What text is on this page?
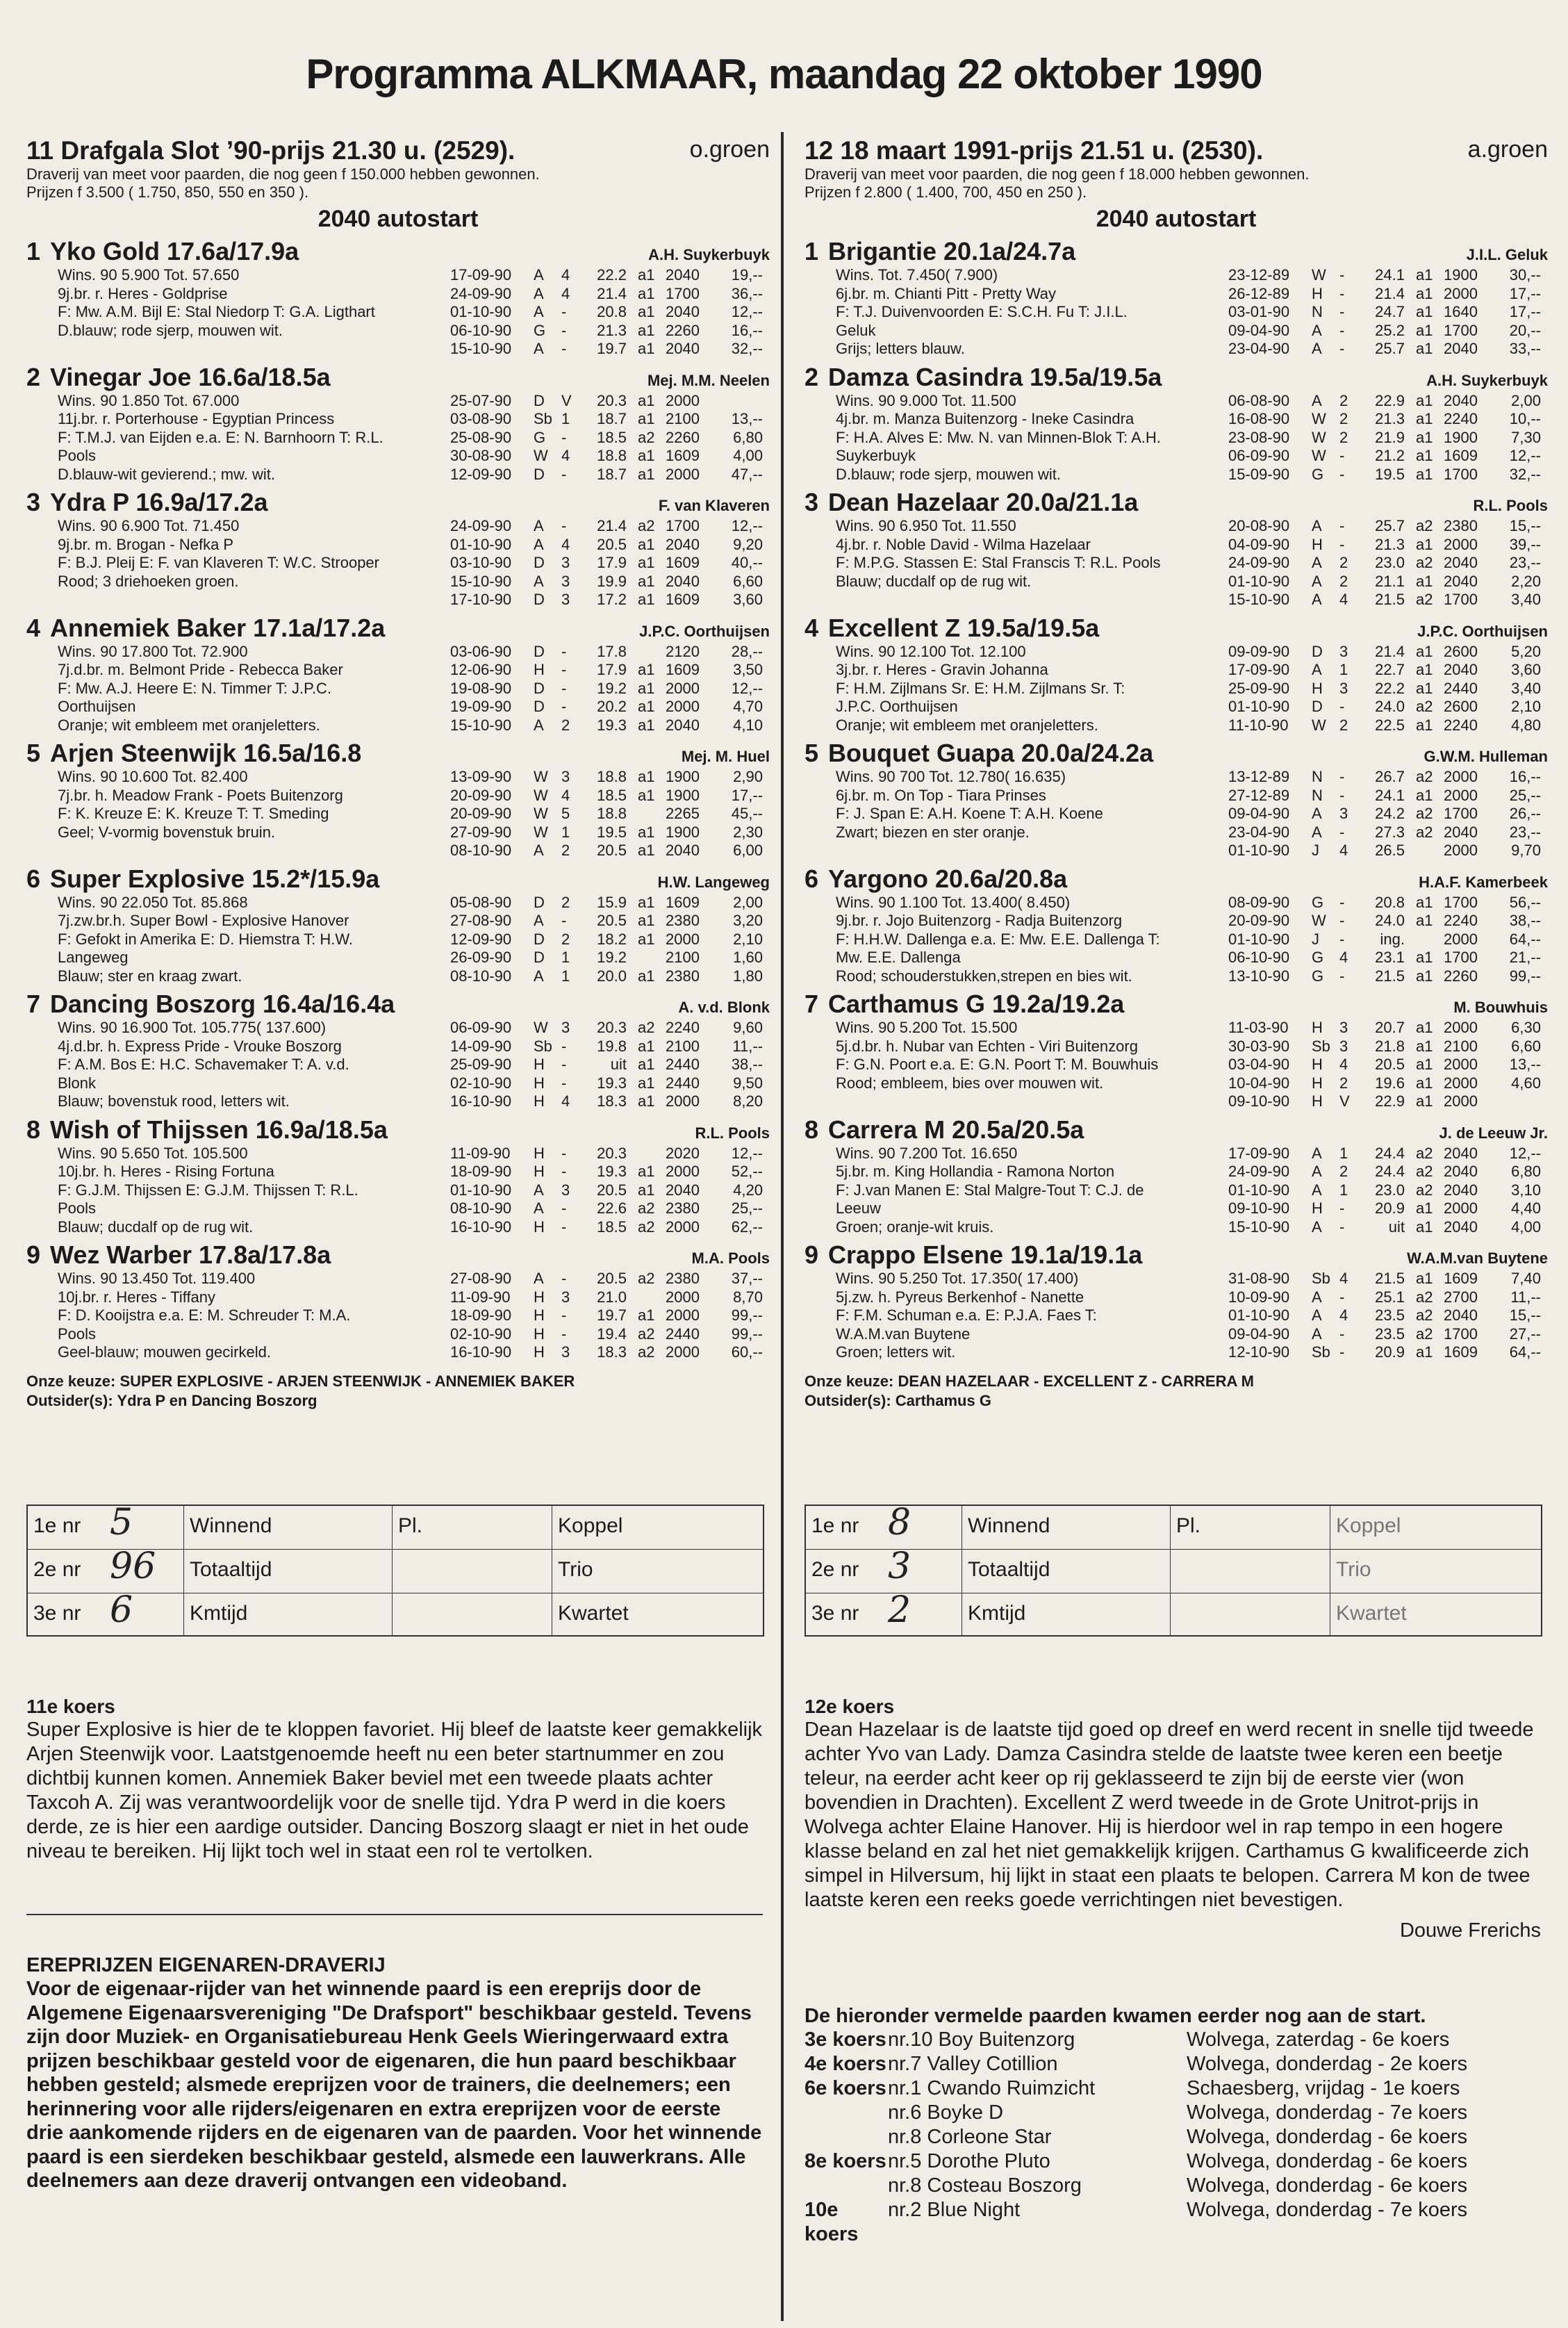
Programma ALKMAAR, maandag 22 oktober 1990
11 Drafgala Slot ’90-prijs 21.30 u. (2529).	o.groen
Draverij van meet voor paarden, die nog geen f 150.000 hebben gewonnen.
Prijzen f 3.500 ( 1.750, 850, 550 en 350 ).
2040 autostart
1 Yko Gold 17.6a/17.9a	A.H. Suykerbuyk
Wins. 90 5.900 Tot. 57.650
9j.br. r. Heres - Goldprise
F: Mw. A.M. Bijl E: Stal Niedorp T: G.A. Ligthart
D.blauw; rode sjerp, mouwen wit.
17-09-90	A	4	22.2 a1 2040	19,--
24-09-90	A	4	21.4 a1 1700	36,--
01-10-90	A	-	20.8 a1 2040	12,--
06-10-90	G	-	21.3 a1 2260	16,--
15-10-90	A	-	19.7 a1 2040	32,--
2 Vinegar Joe 16.6a/18.5a	Mej. M.M. Neelen
Wins. 90 1.850 Tot. 67.000
11j.br. r. Porterhouse - Egyptian Princess
F: T.M.J. van Eijden e.a. E: N. Barnhoorn T: R.L.
Pools
D.blauw-wit gevierend.; mw. wit.
25-07-90	D	V	20.3 a1 2000
03-08-90	Sb 1	18.7 a1 2100	13,--
25-08-90	G	-	18.5 a2 2260	6,80
30-08-90	W 4	18.8 a1 1609	4,00
12-09-90	D	-	18.7 a1 2000	47,--
3 Ydra P 16.9a/17.2a	F. van Klaveren
Wins. 90 6.900 Tot. 71.450
9j.br. m. Brogan - Nefka P
F: B.J. Pleij E: F. van Klaveren T: W.C. Strooper
Rood; 3 driehoeken groen.
24-09-90	A	-	21.4 a2 1700	12,--
01-10-90	A	4	20.5 a1 2040	9,20
03-10-90	D	3	17.9 a1 1609	40,--
15-10-90	A	3	19.9 a1 2040	6,60
17-10-90	D	3	17.2 a1 1609	3,60
4 Annemiek Baker 17.1a/17.2a	J.P.C. Oorthuijsen
Wins. 90 17.800 Tot. 72.900
7j.d.br. m. Belmont Pride - Rebecca Baker
F: Mw. A.J. Heere E: N. Timmer T: J.P.C.
Oorthuijsen
Oranje; wit embleem met oranjeletters.
03-06-90	D	-	17.8	2120	28,--
12-06-90	H	-	17.9 a1 1609	3,50
19-08-90	D	-	19.2 a1 2000	12,--
19-09-90	D	-	20.2 a1 2000	4,70
15-10-90	A	2	19.3 a1 2040	4,10
5 Arjen Steenwijk 16.5a/16.8	Mej. M. Huel
Wins. 90 10.600 Tot. 82.400
7j.br. h. Meadow Frank - Poets Buitenzorg
F: K. Kreuze E: K. Kreuze T: T. Smeding
Geel; V-vormig bovenstuk bruin.
13-09-90	W 3	18.8 a1 1900	2,90
20-09-90	W 4	18.5 a1 1900	17,--
20-09-90	W 5	18.8	2265	45,--
27-09-90	W 1	19.5 a1 1900	2,30
08-10-90	A	2	20.5 a1 2040	6,00
6 Super Explosive 15.2*/15.9a	H.W. Langeweg
Wins. 90 22.050 Tot. 85.868
7j.zw.br.h. Super Bowl - Explosive Hanover
F: Gefokt in Amerika E: D. Hiemstra T: H.W.
Langeweg
Blauw; ster en kraag zwart.
05-08-90	D	2	15.9 a1 1609	2,00
27-08-90	A	-	20.5 a1 2380	3,20
12-09-90	D	2	18.2 a1 2000	2,10
26-09-90	D	1	19.2	2100	1,60
08-10-90	A	1	20.0 a1 2380	1,80
7 Dancing Boszorg 16.4a/16.4a	A. v.d. Blonk
Wins. 90 16.900 Tot. 105.775( 137.600)
4j.d.br. h. Express Pride - Vrouke Boszorg
F: A.M. Bos E: H.C. Schavemaker T: A. v.d.
Blonk
Blauw; bovenstuk rood, letters wit.
06-09-90	W 3	20.3 a2 2240	9,60
14-09-90	Sb -	19.8 a1 2100	11,--
25-09-90	H	-	uit a1 2440	38,--
02-10-90	H	-	19.3 a1 2440	9,50
16-10-90	H	4	18.3 a1 2000	8,20
8 Wish of Thijssen 16.9a/18.5a	R.L. Pools
Wins. 90 5.650 Tot. 105.500
10j.br. h. Heres - Rising Fortuna
F: G.J.M. Thijssen E: G.J.M. Thijssen T: R.L.
Pools
Blauw; ducdalf op de rug wit.
11-09-90	H	-	20.3	2020	12,--
18-09-90	H	-	19.3 a1 2000	52,--
01-10-90	A	3	20.5 a1 2040	4,20
08-10-90	A	-	22.6 a2 2380	25,--
16-10-90	H	-	18.5 a2 2000	62,--
9 Wez Warber 17.8a/17.8a	M.A. Pools
Wins. 90 13.450 Tot. 119.400
10j.br. r. Heres - Tiffany
F: D. Kooijstra e.a. E: M. Schreuder T: M.A.
Pools
Geel-blauw; mouwen gecirkeld.
27-08-90	A	-	20.5 a2 2380	37,--
11-09-90	H	3	21.0	2000	8,70
18-09-90	H	-	19.7 a1 2000	99,--
02-10-90	H	-	19.4 a2 2440	99,--
16-10-90	H	3	18.3 a2 2000	60,--
Onze keuze: SUPER EXPLOSIVE - ARJEN STEENWIJK - ANNEMIEK BAKER
Outsider(s): Ydra P en Dancing Boszorg
12 18 maart 1991-prijs 21.51 u. (2530).	a.groen
Draverij van meet voor paarden, die nog geen f 18.000 hebben gewonnen.
Prijzen f 2.800 ( 1.400, 700, 450 en 250 ).
2040 autostart
1 Brigantie 20.1a/24.7a	J.I.L. Geluk
Wins. Tot. 7.450( 7.900)
6j.br. m. Chianti Pitt - Pretty Way
F: T.J. Duivenvoorden E: S.C.H. Fu T: J.I.L.
Geluk
Grijs; letters blauw.
23-12-89	W -	24.1 a1 1900	30,--
26-12-89	H	-	21.4 a1 2000	17,--
03-01-90	N	-	24.7 a1 1640	17,--
09-04-90	A	-	25.2 a1 1700	20,--
23-04-90	A	-	25.7 a1 2040	33,--
2 Damza Casindra 19.5a/19.5a	A.H. Suykerbuyk
Wins. 90 9.000 Tot. 11.500
4j.br. m. Manza Buitenzorg - Ineke Casindra
F: H.A. Alves E: Mw. N. van Minnen-Blok T: A.H.
Suykerbuyk
D.blauw; rode sjerp, mouwen wit.
06-08-90	A	2	22.9 a1 2040	2,00
16-08-90	W 2	21.3 a1 2240	10,--
23-08-90	W 2	21.9 a1 1900	7,30
06-09-90	W -	21.2 a1 1609	12,--
15-09-90	G	-	19.5 a1 1700	32,--
3 Dean Hazelaar 20.0a/21.1a	R.L. Pools
Wins. 90 6.950 Tot. 11.550
4j.br. r. Noble David - Wilma Hazelaar
F: M.P.G. Stassen E: Stal Franscis T: R.L. Pools
Blauw; ducdalf op de rug wit.
20-08-90	A	-	25.7 a2 2380	15,--
04-09-90	H	-	21.3 a1 2000	39,--
24-09-90	A	2	23.0 a2 2040	23,--
01-10-90	A	2	21.1 a1 2040	2,20
15-10-90	A	4	21.5 a2 1700	3,40
4 Excellent Z 19.5a/19.5a	J.P.C. Oorthuijsen
Wins. 90 12.100 Tot. 12.100
3j.br. r. Heres - Gravin Johanna
F: H.M. Zijlmans Sr. E: H.M. Zijlmans Sr. T:
J.P.C. Oorthuijsen
Oranje; wit embleem met oranjeletters.
09-09-90	D	3	21.4 a1 2600	5,20
17-09-90	A	1	22.7 a1 2040	3,60
25-09-90	H	3	22.2 a1 2440	3,40
01-10-90	D	-	24.0 a2 2600	2,10
11-10-90	W 2	22.5 a1 2240	4,80
5 Bouquet Guapa 20.0a/24.2a	G.W.M. Hulleman
Wins. 90 700 Tot. 12.780( 16.635)
6j.br. m. On Top - Tiara Prinses
F: J. Span E: A.H. Koene T: A.H. Koene
Zwart; biezen en ster oranje.
13-12-89	N	-	26.7 a2 2000	16,--
27-12-89	N	-	24.1 a1 2000	25,--
09-04-90	A	3	24.2 a2 1700	26,--
23-04-90	A	-	27.3 a2 2040	23,--
01-10-90	J	4	26.5	2000	9,70
6 Yargono 20.6a/20.8a	H.A.F. Kamerbeek
Wins. 90 1.100 Tot. 13.400( 8.450)
9j.br. r. Jojo Buitenzorg - Radja Buitenzorg
F: H.H.W. Dallenga e.a. E: Mw. E.E. Dallenga T:
Mw. E.E. Dallenga
Rood; schouderstukken,strepen en bies wit.
08-09-90	G	-	20.8 a1 1700	56,--
20-09-90	W -	24.0 a1 2240	38,--
01-10-90	J	-	ing.	2000	64,--
06-10-90	G	4	23.1 a1 1700	21,--
13-10-90	G	-	21.5 a1 2260	99,--
7 Carthamus G 19.2a/19.2a	M. Bouwhuis
Wins. 90 5.200 Tot. 15.500
5j.d.br. h. Nubar van Echten - Viri Buitenzorg
F: G.N. Poort e.a. E: G.N. Poort T: M. Bouwhuis
Rood; embleem, bies over mouwen wit.
11-03-90	H	3	20.7 a1 2000	6,30
30-03-90	Sb 3	21.8 a1 2100	6,60
03-04-90	H	4	20.5 a1 2000	13,--
10-04-90	H	2	19.6 a1 2000	4,60
09-10-90	H	V	22.9 a1 2000
8 Carrera M 20.5a/20.5a	J. de Leeuw Jr.
Wins. 90 7.200 Tot. 16.650
5j.br. m. King Hollandia - Ramona Norton
F: J.van Manen E: Stal Malgre-Tout T: C.J. de
Leeuw
Groen; oranje-wit kruis.
17-09-90	A	1	24.4 a2 2040	12,--
24-09-90	A	2	24.4 a2 2040	6,80
01-10-90	A	1	23.0 a2 2040	3,10
09-10-90	H	-	20.9 a1 2000	4,40
15-10-90	A	-	uit a1 2040	4,00
9 Crappo Elsene 19.1a/19.1a	W.A.M.van Buytene
Wins. 90 5.250 Tot. 17.350( 17.400)
5j.zw. h. Pyreus Berkenhof - Nanette
F: F.M. Schuman e.a. E: P.J.A. Faes T:
W.A.M.van Buytene
Groen; letters wit.
31-08-90	Sb 4	21.5 a1 1609	7,40
10-09-90	A	-	25.1 a2 2700	11,--
01-10-90	A	4	23.5 a2 2040	15,--
09-04-90	A	-	23.5 a2 1700	27,--
12-10-90	Sb -	20.9 a1 1609	64,--
Onze keuze: DEAN HAZELAAR - EXCELLENT Z - CARRERA M
Outsider(s): Carthamus G
1e nr 5	Winnend	Pl.	Koppel
2e nr 96 Totaaltijd	Trio
3e nr 6	Kmtijd	Kwartet
1e nr 8	Winnend	Pl.	Koppel
2e nr 3	Totaaltijd	Trio
3e nr 2	Kmtijd	Kwartet
11e koers
Super Explosive is hier de te kloppen favoriet. Hij bleef de laatste keer gemakkelijk Arjen Steenwijk voor. Laatstgenoemde heeft nu een beter startnummer en zou dichtbij kunnen komen. Annemiek Baker beviel met een tweede plaats achter Taxcoh A. Zij was verantwoordelijk voor de snelle tijd. Ydra P werd in die koers derde, ze is hier een aardige outsider. Dancing Boszorg slaagt er niet in het oude niveau te bereiken. Hij lijkt toch wel in staat een rol te vertolken.
EREPRIJZEN EIGENAREN-DRAVERIJ
Voor de eigenaar-rijder van het winnende paard is een ereprijs door de Algemene Eigenaarsvereniging "De Drafsport" beschikbaar gesteld. Tevens zijn door Muziek- en Organisatiebureau Henk Geels Wieringerwaard extra prijzen beschikbaar gesteld voor de eigenaren, die hun paard beschikbaar hebben gesteld; alsmede ereprijzen voor de trainers, die deelnemers; een herinnering voor alle rijders/eigenaren en extra ereprijzen voor de eerste drie aankomende rijders en de eigenaren van de paarden. Voor het winnende paard is een sierdeken beschikbaar gesteld, alsmede een lauwerkrans. Alle deelnemers aan deze draverij ontvangen een videoband.
12e koers
Dean Hazelaar is de laatste tijd goed op dreef en werd recent in snelle tijd tweede achter Yvo van Lady. Damza Casindra stelde de laatste twee keren een beetje teleur, na eerder acht keer op rij geklasseerd te zijn bij de eerste vier (won bovendien in Drachten). Excellent Z werd tweede in de Grote Unitrot-prijs in Wolvega achter Elaine Hanover. Hij is hierdoor wel in rap tempo in een hogere klasse beland en zal het niet gemakkelijk krijgen. Carthamus G kwalificeerde zich simpel in Hilversum, hij lijkt in staat een plaats te belopen. Carrera M kon de twee laatste keren een reeks goede verrichtingen niet bevestigen.
Douwe Frerichs
De hieronder vermelde paarden kwamen eerder nog aan de start.
3e koers nr.10 Boy Buitenzorg	Wolvega, zaterdag - 6e koers
4e koers nr.7 Valley Cotillion	Wolvega, donderdag - 2e koers
6e koers nr.1 Cwando Ruimzicht	Schaesberg, vrijdag - 1e koers
nr.6 Boyke D	Wolvega, donderdag - 7e koers
nr.8 Corleone Star	Wolvega, donderdag - 6e koers
8e koers nr.5 Dorothe Pluto	Wolvega, donderdag - 6e koers
nr.8 Costeau Boszorg	Wolvega, donderdag - 6e koers
10e koers
nr.2 Blue Night	Wolvega, donderdag - 7e koers
